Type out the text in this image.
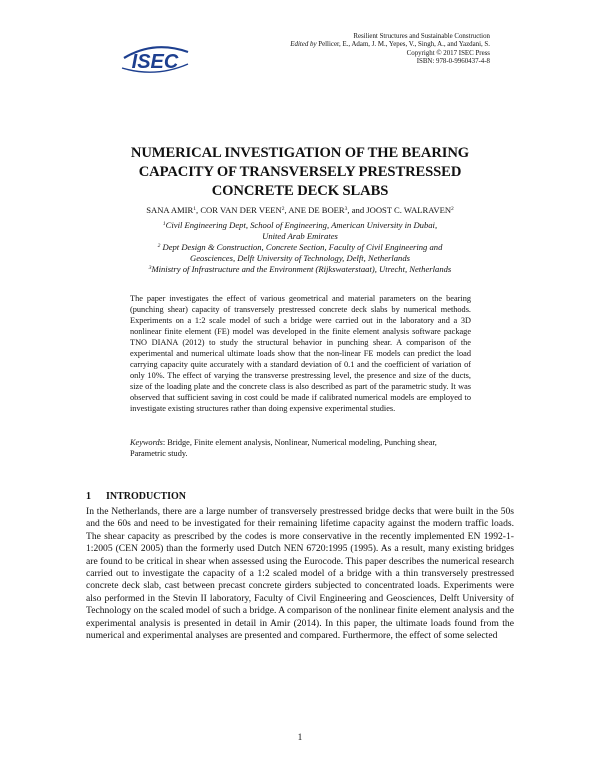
ISEC
Resilient Structures and Sustainable Construction
Edited by Pellicer, E., Adam, J. M., Yepes, V., Singh, A., and Yazdani, S.
Copyright © 2017 ISEC Press
ISBN: 978-0-9960437-4-8
NUMERICAL INVESTIGATION OF THE BEARING
CAPACITY OF TRANSVERSELY PRESTRESSED
CONCRETE DECK SLABS
SANA AMIR$^1$, COR VAN DER VEEN$^2$, ANE DE BOER$^3$, and JOOST C. WALRAVEN$^2$
$^1$Civil Engineering Dept, School of Engineering, American University in Dubai,
United Arab Emirates
$^2$ Dept Design & Construction, Concrete Section, Faculty of Civil Engineering and
Geosciences, Delft University of Technology, Delft, Netherlands
$^3$Ministry of Infrastructure and the Environment (Rijkswaterstaat), Utrecht, Netherlands
The paper investigates the effect of various geometrical and material parameters on the bearing (punching shear) capacity of transversely prestressed concrete deck slabs by numerical methods. Experiments on a 1:2 scale model of such a bridge were carried out in the laboratory and a 3D nonlinear finite element (FE) model was developed in the finite element analysis software package TNO DIANA (2012) to study the structural behavior in punching shear. A comparison of the experimental and numerical ultimate loads show that the non-linear FE models can predict the load carrying capacity quite accurately with a standard deviation of 0.1 and the coefficient of variation of only 10%. The effect of varying the transverse prestressing level, the presence and size of the ducts, size of the loading plate and the concrete class is also described as part of the parametric study. It was observed that sufficient saving in cost could be made if calibrated numerical models are employed to investigate existing structures rather than doing expensive experimental studies.
Keywords: Bridge, Finite element analysis, Nonlinear, Numerical modeling, Punching shear, Parametric study.
1 INTRODUCTION
In the Netherlands, there are a large number of transversely prestressed bridge decks that were built in the 50s and the 60s and need to be investigated for their remaining lifetime capacity against the modern traffic loads. The shear capacity as prescribed by the codes is more conservative in the recently implemented EN 1992-1-1:2005 (CEN 2005) than the formerly used Dutch NEN 6720:1995 (1995). As a result, many existing bridges are found to be critical in shear when assessed using the Eurocode. This paper describes the numerical research carried out to investigate the capacity of a 1:2 scaled model of a bridge with a thin transversely prestressed concrete deck slab, cast between precast concrete girders subjected to concentrated loads. Experiments were also performed in the Stevin II laboratory, Faculty of Civil Engineering and Geosciences, Delft University of Technology on the scaled model of such a bridge. A comparison of the nonlinear finite element analysis and the experimental analysis is presented in detail in Amir (2014). In this paper, the ultimate loads found from the numerical and experimental analyses are presented and compared. Furthermore, the effect of some selected
1
